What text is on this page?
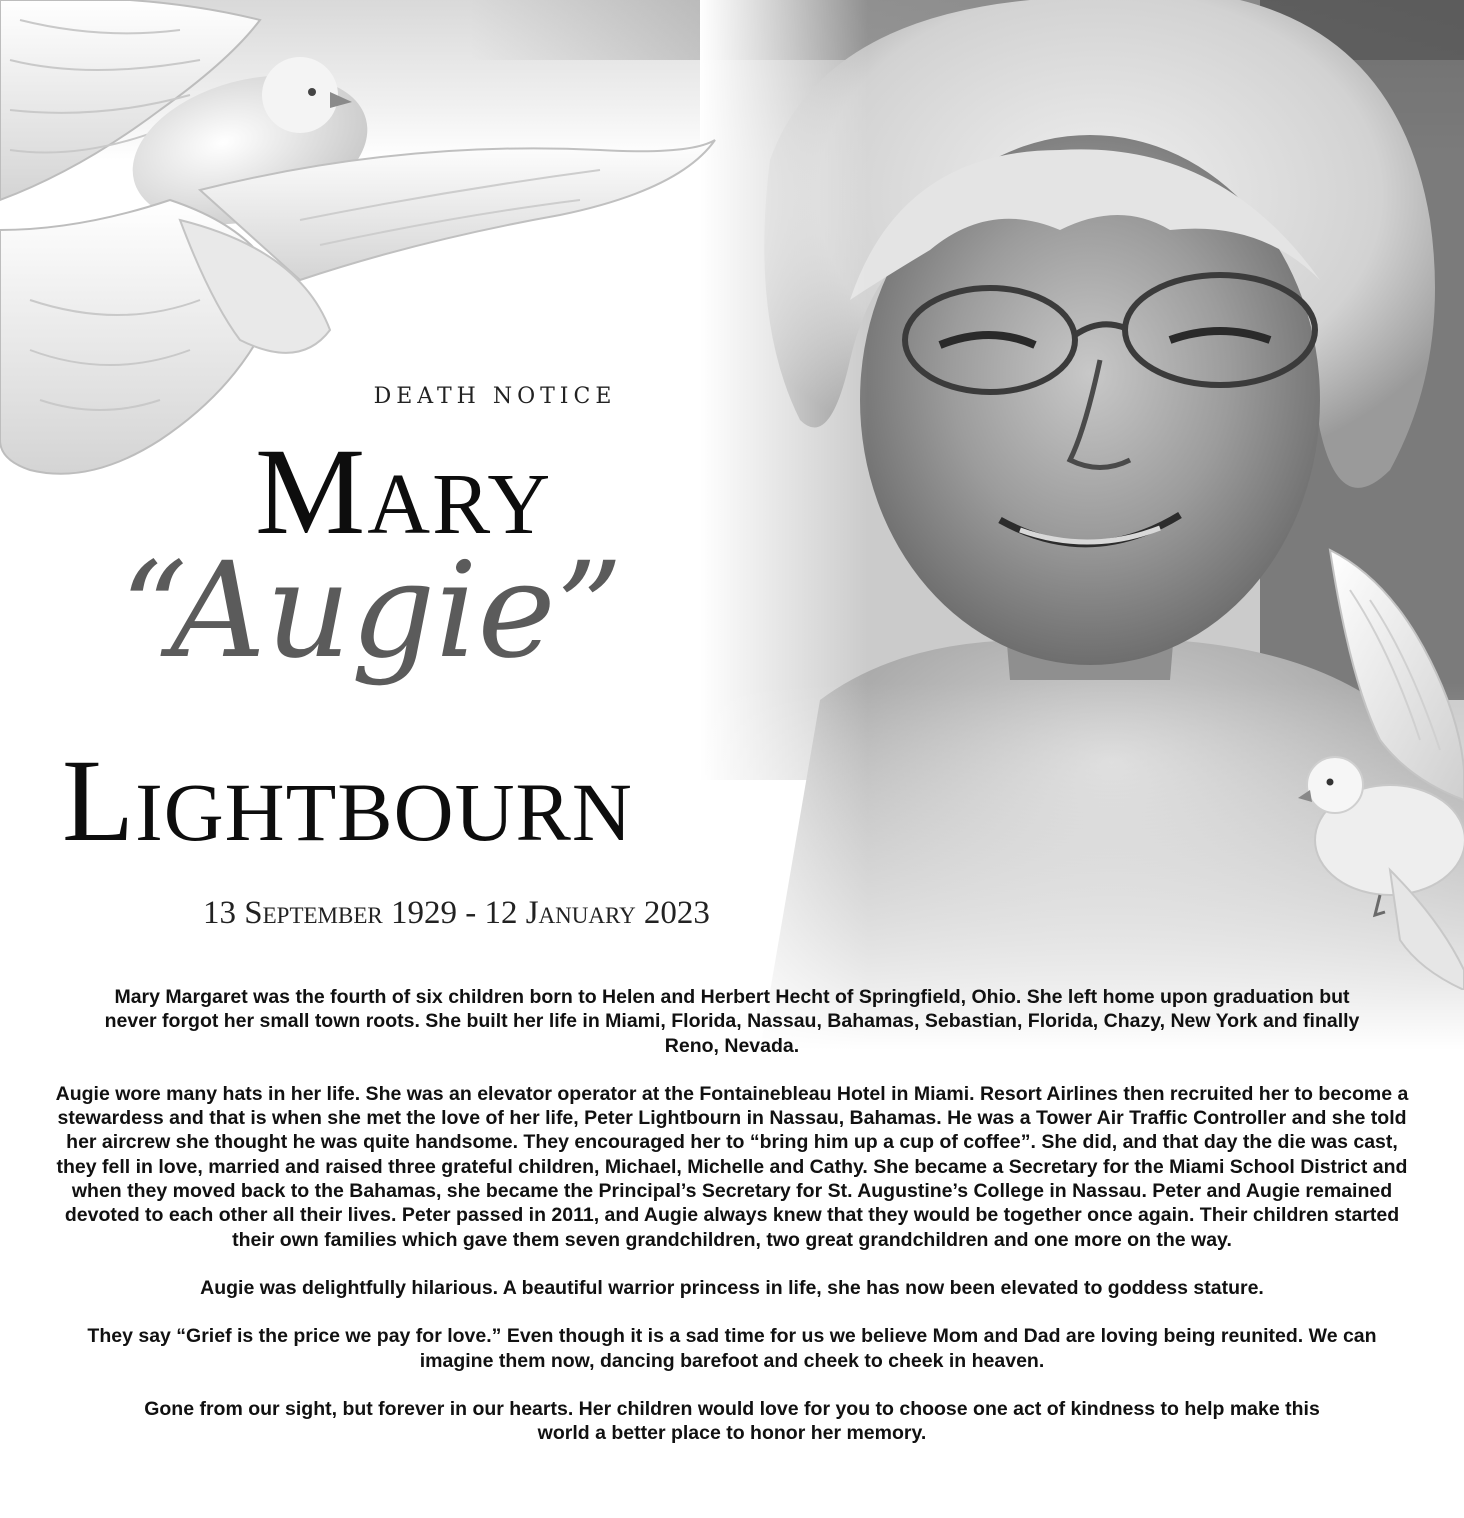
DEATH NOTICE
Mary
“Augie”
Lightbourn
13 September 1929 - 12 January 2023

Mary Margaret was the fourth of six children born to Helen and Herbert Hecht of Springfield, Ohio. She left home upon graduation but never forgot her small town roots. She built her life in Miami, Florida, Nassau, Bahamas, Sebastian, Florida, Chazy, New York and finally Reno, Nevada.

Augie wore many hats in her life. She was an elevator operator at the Fontainebleau Hotel in Miami. Resort Airlines then recruited her to become a stewardess and that is when she met the love of her life, Peter Lightbourn in Nassau, Bahamas. He was a Tower Air Traffic Controller and she told her aircrew she thought he was quite handsome. They encouraged her to “bring him up a cup of coffee”. She did, and that day the die was cast, they fell in love, married and raised three grateful children, Michael, Michelle and Cathy. She became a Secretary for the Miami School District and when they moved back to the Bahamas, she became the Principal’s Secretary for St. Augustine’s College in Nassau. Peter and Augie remained devoted to each other all their lives. Peter passed in 2011, and Augie always knew that they would be together once again. Their children started their own families which gave them seven grandchildren, two great grandchildren and one more on the way.

Augie was delightfully hilarious. A beautiful warrior princess in life, she has now been elevated to goddess stature.

They say “Grief is the price we pay for love.” Even though it is a sad time for us we believe Mom and Dad are loving being reunited. We can imagine them now, dancing barefoot and cheek to cheek in heaven.

Gone from our sight, but forever in our hearts. Her children would love for you to choose one act of kindness to help make this world a better place to honor her memory.
